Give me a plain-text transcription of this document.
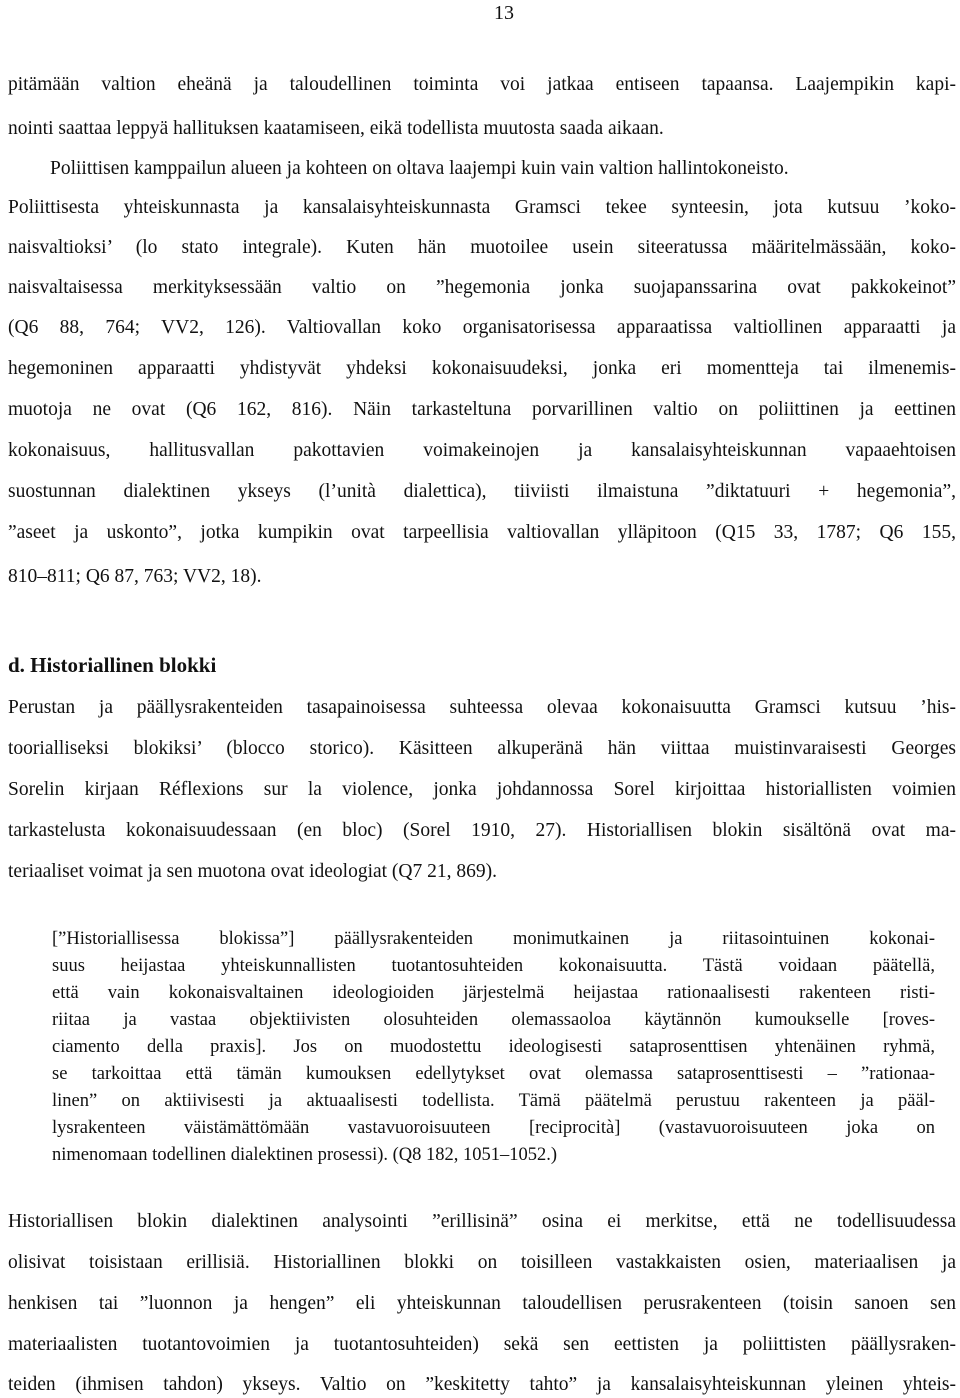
13
pitämään valtion eheänä ja taloudellinen toiminta voi jatkaa entiseen tapaansa. Laajempikin kapi-
nointi saattaa leppyä hallituksen kaatamiseen, eikä todellista muutosta saada aikaan.
Poliittisen kamppailun alueen ja kohteen on oltava laajempi kuin vain valtion hallintokoneisto.
Poliittisesta yhteiskunnasta ja kansalaisyhteiskunnasta Gramsci tekee synteesin, jota kutsuu ’koko-
naisvaltioksi’ (lo stato integrale). Kuten hän muotoilee usein siteeratussa määritelmässään, koko-
naisvaltaisessa merkityksessään valtio on ”hegemonia jonka suojapanssarina ovat pakkokeinot”
(Q6 88, 764; VV2, 126). Valtiovallan koko organisatorisessa apparaatissa valtiollinen apparaatti ja
hegemoninen apparaatti yhdistyvät yhdeksi kokonaisuudeksi, jonka eri momentteja tai ilmenemis-
muotoja ne ovat (Q6 162, 816). Näin tarkasteltuna porvarillinen valtio on poliittinen ja eettinen
kokonaisuus, hallitusvallan pakottavien voimakeinojen ja kansalaisyhteiskunnan vapaaehtoisen
suostunnan dialektinen ykseys (l’unità dialettica), tiiviisti ilmaistuna ”diktatuuri + hegemonia”,
”aseet ja uskonto”, jotka kumpikin ovat tarpeellisia valtiovallan ylläpitoon (Q15 33, 1787; Q6 155,
810–811; Q6 87, 763; VV2, 18).
d. Historiallinen blokki
Perustan ja päällysrakenteiden tasapainoisessa suhteessa olevaa kokonaisuutta Gramsci kutsuu ’his-
toorialliseksi blokiksi’ (blocco storico). Käsitteen alkuperänä hän viittaa muistinvaraisesti Georges
Sorelin kirjaan Réflexions sur la violence, jonka johdannossa Sorel kirjoittaa historiallisten voimien
tarkastelusta kokonaisuudessaan (en bloc) (Sorel 1910, 27). Historiallisen blokin sisältönä ovat ma-
teriaaliset voimat ja sen muotona ovat ideologiat (Q7 21, 869).
[”Historiallisessa blokissa”] päällysrakenteiden monimutkainen ja riitasointuinen kokonai-
suus heijastaa yhteiskunnallisten tuotantosuhteiden kokonaisuutta. Tästä voidaan päätellä,
että vain kokonaisvaltainen ideologioiden järjestelmä heijastaa rationaalisesti rakenteen risti-
riitaa ja vastaa objektiivisten olosuhteiden olemassaoloa käytännön kumoukselle [roves-
ciamento della praxis]. Jos on muodostettu ideologisesti sataprosenttisen yhtenäinen ryhmä,
se tarkoittaa että tämän kumouksen edellytykset ovat olemassa sataprosenttisesti – ”rationaa-
linen” on aktiivisesti ja aktuaalisesti todellista. Tämä päätelmä perustuu rakenteen ja pääl-
lysrakenteen väistämättömään vastavuoroisuuteen [reciprocità] (vastavuoroisuuteen joka on
nimenomaan todellinen dialektinen prosessi). (Q8 182, 1051–1052.)
Historiallisen blokin dialektinen analysointi ”erillisinä” osina ei merkitse, että ne todellisuudessa
olisivat toisistaan erillisiä. Historiallinen blokki on toisilleen vastakkaisten osien, materiaalisen ja
henkisen tai ”luonnon ja hengen” eli yhteiskunnan taloudellisen perusrakenteen (toisin sanoen sen
materiaalisten tuotantovoimien ja tuotantosuhteiden) sekä sen eettisten ja poliittisten päällysraken-
teiden (ihmisen tahdon) ykseys. Valtio on ”keskitetty tahto” ja kansalaisyhteiskunnan yleinen yhteis-
